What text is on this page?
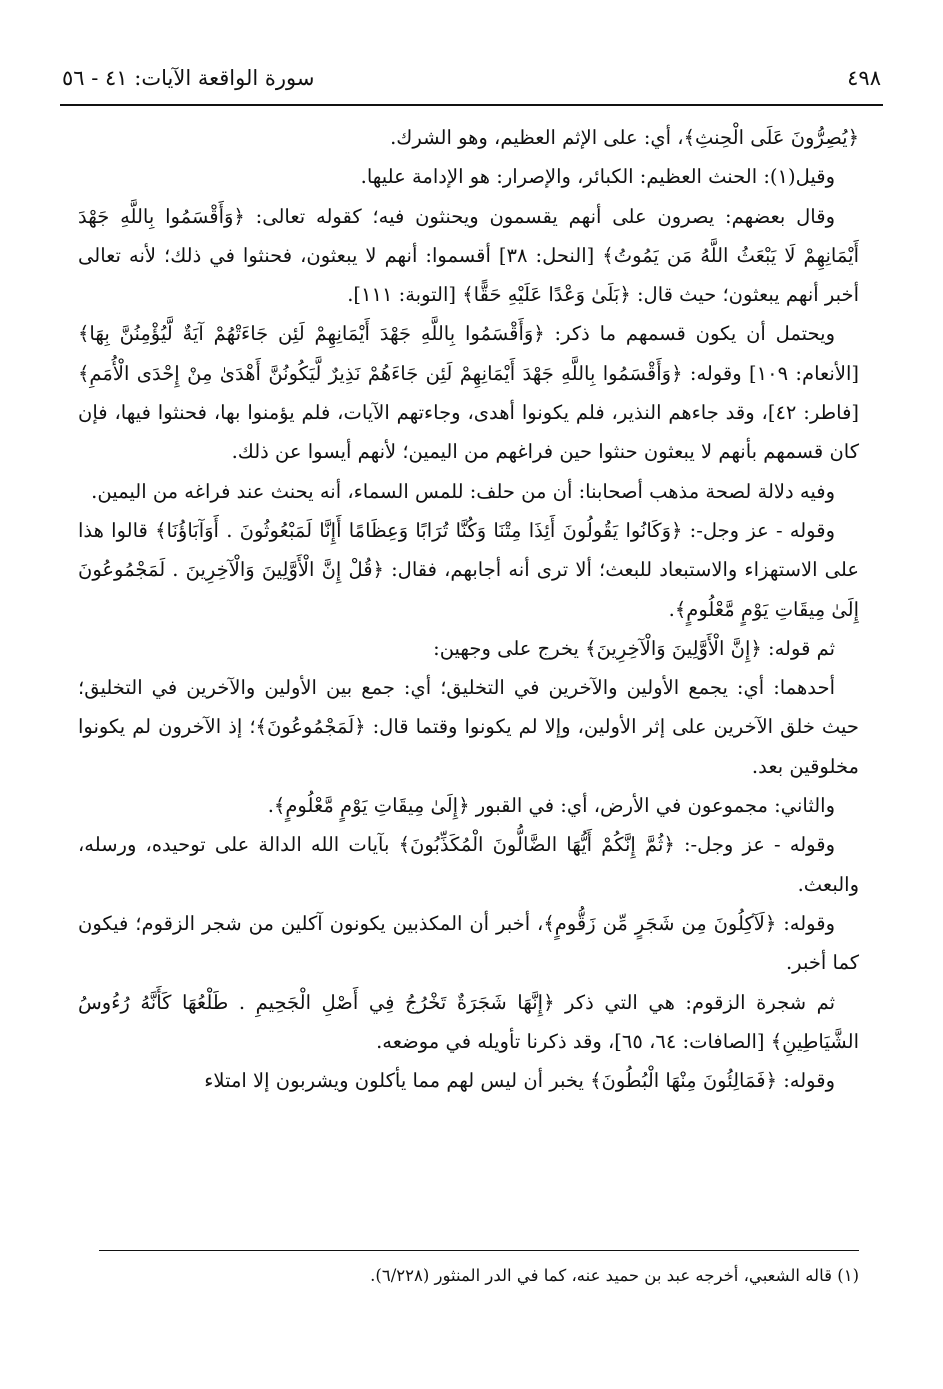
٤٩٨
سورة الواقعة الآيات: ٤١ - ٥٦

﴿يُصِرُّونَ عَلَى الْحِنثِ﴾، أي: على الإثم العظيم، وهو الشرك.

وقيل(١): الحنث العظيم: الكبائر، والإصرار: هو الإدامة عليها.

وقال بعضهم: يصرون على أنهم يقسمون ويحنثون فيه؛ كقوله تعالى: ﴿وَأَقْسَمُوا بِاللَّهِ جَهْدَ أَيْمَانِهِمْ لَا يَبْعَثُ اللَّهُ مَن يَمُوتُ﴾ [النحل: ٣٨] أقسموا: أنهم لا يبعثون، فحنثوا في ذلك؛ لأنه تعالى أخبر أنهم يبعثون؛ حيث قال: ﴿بَلَىٰ وَعْدًا عَلَيْهِ حَقًّا﴾ [التوبة: ١١١].

ويحتمل أن يكون قسمهم ما ذكر: ﴿وَأَقْسَمُوا بِاللَّهِ جَهْدَ أَيْمَانِهِمْ لَئِن جَاءَتْهُمْ آيَةٌ لَّيُؤْمِنُنَّ بِهَا﴾ [الأنعام: ١٠٩] وقوله: ﴿وَأَقْسَمُوا بِاللَّهِ جَهْدَ أَيْمَانِهِمْ لَئِن جَاءَهُمْ نَذِيرٌ لَّيَكُونُنَّ أَهْدَىٰ مِنْ إِحْدَى الْأُمَمِ﴾ [فاطر: ٤٢]، وقد جاءهم النذير، فلم يكونوا أهدى، وجاءتهم الآيات، فلم يؤمنوا بها، فحنثوا فيها، فإن كان قسمهم بأنهم لا يبعثون حنثوا حين فراغهم من اليمين؛ لأنهم أيسوا عن ذلك.

وفيه دلالة لصحة مذهب أصحابنا: أن من حلف: للمس السماء، أنه يحنث عند فراغه من اليمين.

وقوله - عز وجل-: ﴿وَكَانُوا يَقُولُونَ أَئِذَا مِتْنَا وَكُنَّا تُرَابًا وَعِظَامًا أَإِنَّا لَمَبْعُوثُونَ . أَوَآبَاؤُنَا﴾ قالوا هذا على الاستهزاء والاستبعاد للبعث؛ ألا ترى أنه أجابهم، فقال: ﴿قُلْ إِنَّ الْأَوَّلِينَ وَالْآخِرِينَ . لَمَجْمُوعُونَ إِلَىٰ مِيقَاتِ يَوْمٍ مَّعْلُومٍ﴾.

ثم قوله: ﴿إِنَّ الْأَوَّلِينَ وَالْآخِرِينَ﴾ يخرج على وجهين:

أحدهما: أي: يجمع الأولين والآخرين في التخليق؛ أي: جمع بين الأولين والآخرين في التخليق؛ حيث خلق الآخرين على إثر الأولين، وإلا لم يكونوا وقتما قال: ﴿لَمَجْمُوعُونَ﴾؛ إذ الآخرون لم يكونوا مخلوقين بعد.

والثاني: مجموعون في الأرض، أي: في القبور ﴿إِلَىٰ مِيقَاتِ يَوْمٍ مَّعْلُومٍ﴾.

وقوله - عز وجل-: ﴿ثُمَّ إِنَّكُمْ أَيُّهَا الضَّالُّونَ الْمُكَذِّبُونَ﴾ بآيات الله الدالة على توحيده، ورسله، والبعث.

وقوله: ﴿لَآكِلُونَ مِن شَجَرٍ مِّن زَقُّومٍ﴾، أخبر أن المكذبين يكونون آكلين من شجر الزقوم؛ فيكون كما أخبر.

ثم شجرة الزقوم: هي التي ذكر ﴿إِنَّهَا شَجَرَةٌ تَخْرُجُ فِي أَصْلِ الْجَحِيمِ . طَلْعُهَا كَأَنَّهُ رُءُوسُ الشَّيَاطِينِ﴾ [الصافات: ٦٤، ٦٥]، وقد ذكرنا تأويله في موضعه.

وقوله: ﴿فَمَالِئُونَ مِنْهَا الْبُطُونَ﴾ يخبر أن ليس لهم مما يأكلون ويشربون إلا امتلاء

(١) قاله الشعبي، أخرجه عبد بن حميد عنه، كما في الدر المنثور (٦/٢٢٨).
